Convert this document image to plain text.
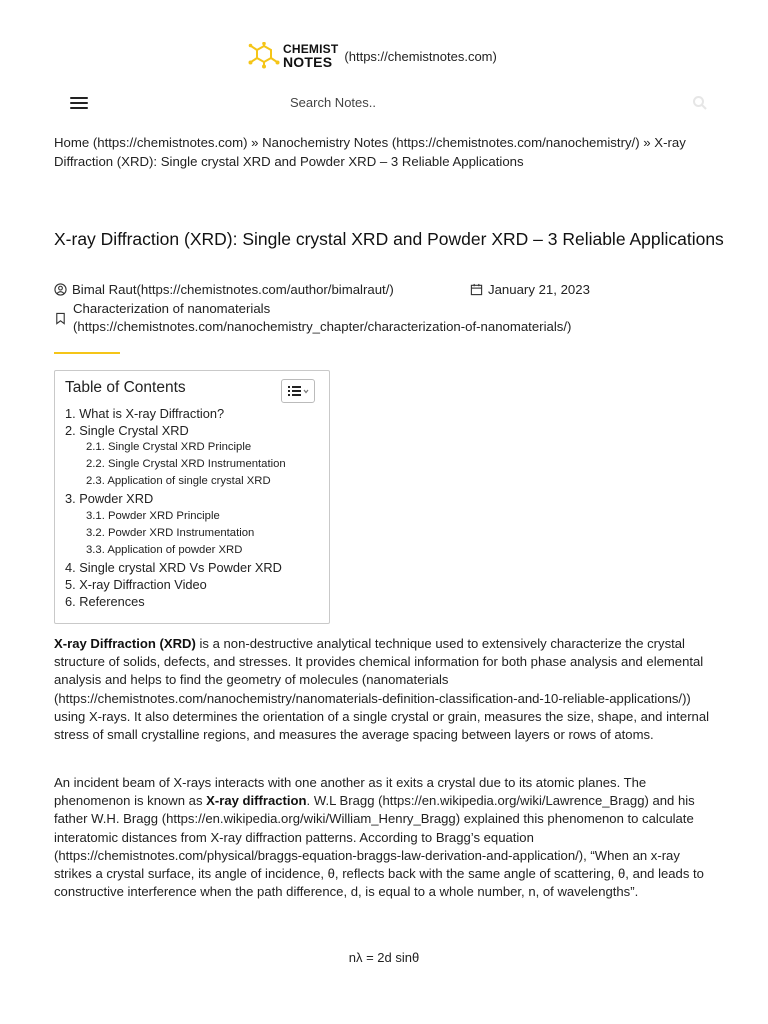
CHEMIST
NOTES (https://chemistnotes.com)
Search Notes..
Home (https://chemistnotes.com) » Nanochemistry Notes (https://chemistnotes.com/nanochemistry/) » X-ray Diffraction (XRD): Single crystal XRD and Powder XRD – 3 Reliable Applications
X-ray Diffraction (XRD): Single crystal XRD and Powder XRD – 3 Reliable Applications
Bimal Raut(https://chemistnotes.com/author/bimalraut/)	January 21, 2023
Characterization of nanomaterials
(https://chemistnotes.com/nanochemistry_chapter/characterization-of-nanomaterials/)
Table of Contents
1. What is X-ray Diffraction?
2. Single Crystal XRD
2.1. Single Crystal XRD Principle
2.2. Single Crystal XRD Instrumentation
2.3. Application of single crystal XRD
3. Powder XRD
3.1. Powder XRD Principle
3.2. Powder XRD Instrumentation
3.3. Application of powder XRD
4. Single crystal XRD Vs Powder XRD
5. X-ray Diffraction Video
6. References

X-ray Diffraction (XRD) is a non-destructive analytical technique used to extensively characterize the crystal structure of solids, defects, and stresses. It provides chemical information for both phase analysis and elemental analysis and helps to find the geometry of molecules (nanomaterials (https://chemistnotes.com/nanochemistry/nanomaterials-definition-classification-and-10-reliable-applications/)) using X-rays. It also determines the orientation of a single crystal or grain, measures the size, shape, and internal stress of small crystalline regions, and measures the average spacing between layers or rows of atoms.

An incident beam of X-rays interacts with one another as it exits a crystal due to its atomic planes. The phenomenon is known as X-ray diffraction. W.L Bragg (https://en.wikipedia.org/wiki/Lawrence_Bragg) and his father W.H. Bragg (https://en.wikipedia.org/wiki/William_Henry_Bragg) explained this phenomenon to calculate interatomic distances from X-ray diffraction patterns. According to Bragg’s equation (https://chemistnotes.com/physical/braggs-equation-braggs-law-derivation-and-application/), “When an x-ray strikes a crystal surface, its angle of incidence, θ, reflects back with the same angle of scattering, θ, and leads to constructive interference when the path difference, d, is equal to a whole number, n, of wavelengths”.

nλ = 2d sinθ
